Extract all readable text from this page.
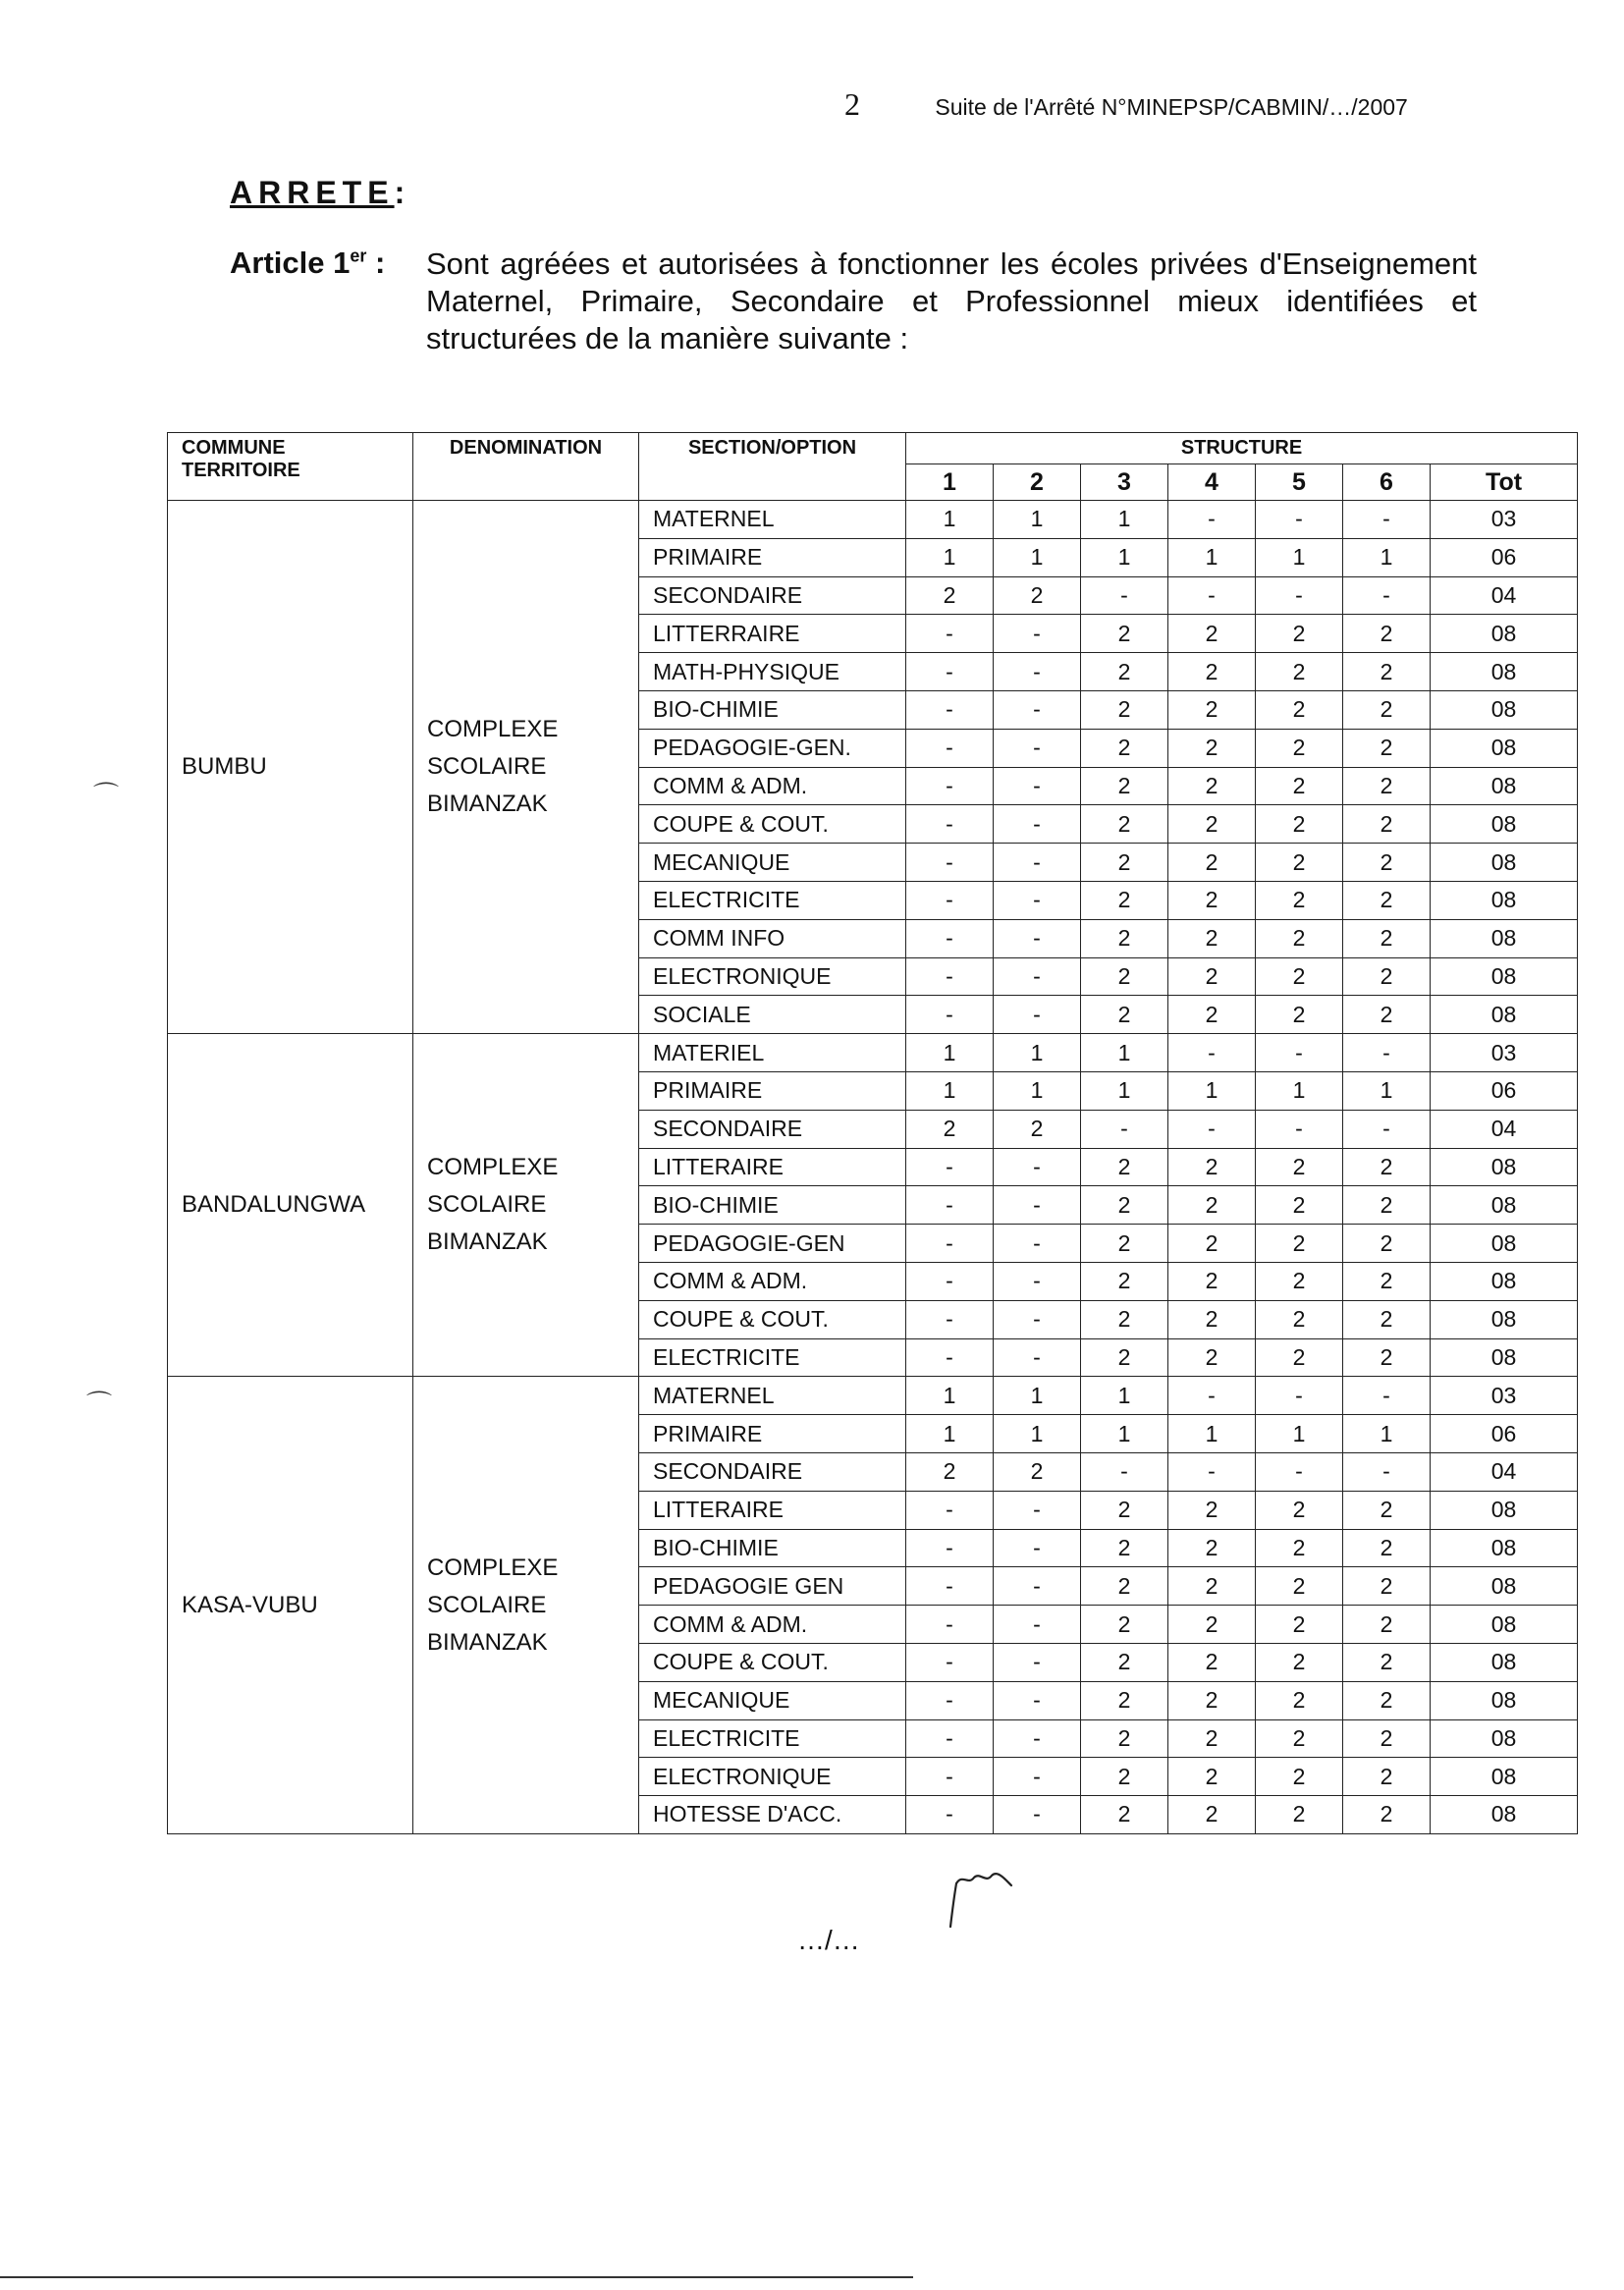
2	Suite de l'Arrêté N°MINEPSP/CABMIN/…/2007
ARRETE:
Article 1er :	Sont agréées et autorisées à fonctionner les écoles privées d'Enseignement Maternel, Primaire, Secondaire et Professionnel mieux identifiées et structurées de la manière suivante :
COMMUNE TERRITOIRE	DENOMINATION	SECTION/OPTION	STRUCTURE						
			1	2	3	4	5	6	Tot
BUMBU	COMPLEXE SCOLAIRE BIMANZAK	MATERNEL	1	1	1	-	-	-	03
		PRIMAIRE	1	1	1	1	1	1	06
		SECONDAIRE	2	2	-	-	-	-	04
		LITTERRAIRE	-	-	2	2	2	2	08
		MATH-PHYSIQUE	-	-	2	2	2	2	08
		BIO-CHIMIE	-	-	2	2	2	2	08
		PEDAGOGIE-GEN.	-	-	2	2	2	2	08
		COMM & ADM.	-	-	2	2	2	2	08
		COUPE & COUT.	-	-	2	2	2	2	08
		MECANIQUE	-	-	2	2	2	2	08
		ELECTRICITE	-	-	2	2	2	2	08
		COMM INFO	-	-	2	2	2	2	08
		ELECTRONIQUE	-	-	2	2	2	2	08
		SOCIALE	-	-	2	2	2	2	08
BANDALUNGWA	COMPLEXE SCOLAIRE BIMANZAK	MATERIEL	1	1	1	-	-	-	03
		PRIMAIRE	1	1	1	1	1	1	06
		SECONDAIRE	2	2	-	-	-	-	04
		LITTERAIRE	-	-	2	2	2	2	08
		BIO-CHIMIE	-	-	2	2	2	2	08
		PEDAGOGIE-GEN	-	-	2	2	2	2	08
		COMM & ADM.	-	-	2	2	2	2	08
		COUPE & COUT.	-	-	2	2	2	2	08
		ELECTRICITE	-	-	2	2	2	2	08
KASA-VUBU	COMPLEXE SCOLAIRE BIMANZAK	MATERNEL	1	1	1	-	-	-	03
		PRIMAIRE	1	1	1	1	1	1	06
		SECONDAIRE	2	2	-	-	-	-	04
		LITTERAIRE	-	-	2	2	2	2	08
		BIO-CHIMIE	-	-	2	2	2	2	08
		PEDAGOGIE GEN	-	-	2	2	2	2	08
		COMM & ADM.	-	-	2	2	2	2	08
		COUPE & COUT.	-	-	2	2	2	2	08
		MECANIQUE	-	-	2	2	2	2	08
		ELECTRICITE	-	-	2	2	2	2	08
		ELECTRONIQUE	-	-	2	2	2	2	08
		HOTESSE D'ACC.	-	-	2	2	2	2	08
…/…
⌒
⌒
